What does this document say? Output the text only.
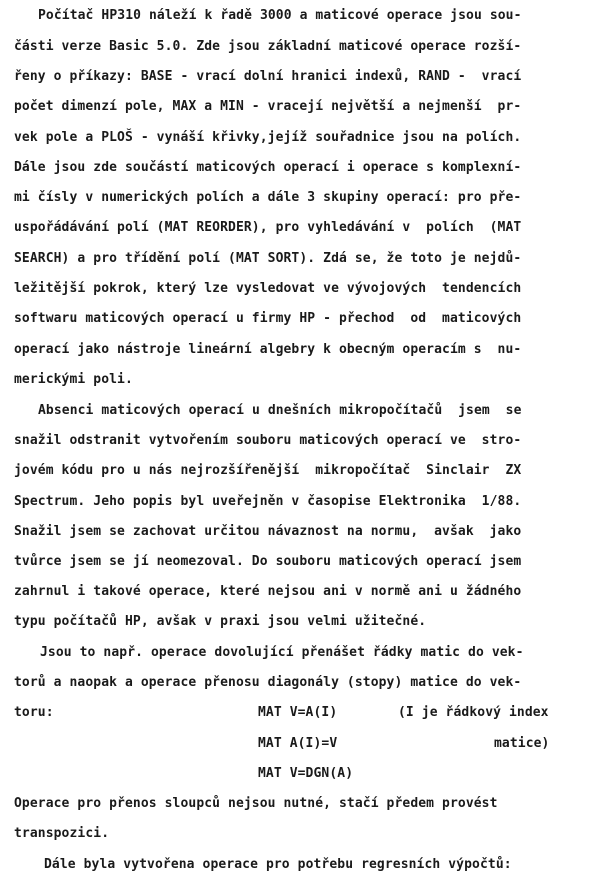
Počítač HP310 náleží k řadě 3000 a maticové operace jsou sou-
části verze Basic 5.0. Zde jsou základní maticové operace rozší-
řeny o příkazy: BASE - vrací dolní hranici indexů, RAND -  vrací
počet dimenzí pole, MAX a MIN - vracejí největší a nejmenší  pr-
vek pole a PLOŠ - vynáší křivky,jejíž souřadnice jsou na polích.
Dále jsou zde součástí maticových operací i operace s komplexní-
mi čísly v numerických polích a dále 3 skupiny operací: pro pře-
uspořádávání polí (MAT REORDER), pro vyhledávání v  polích  (MAT
SEARCH) a pro třídění polí (MAT SORT). Zdá se, že toto je nejdů-
ležitější pokrok, který lze vysledovat ve vývojových  tendencích
softwaru maticových operací u firmy HP - přechod  od  maticových
operací jako nástroje lineární algebry k obecným operacím s  nu-
merickými poli.
Absenci maticových operací u dnešních mikropočítačů  jsem  se
snažil odstranit vytvořením souboru maticových operací ve  stro-
jovém kódu pro u nás nejrozšířenější  mikropočítač  Sinclair  ZX
Spectrum. Jeho popis byl uveřejněn v časopise Elektronika  1/88.
Snažil jsem se zachovat určitou návaznost na normu,  avšak  jako
tvůrce jsem se jí neomezoval. Do souboru maticových operací jsem
zahrnul i takové operace, které nejsou ani v normě ani u žádného
typu počítačů HP, avšak v praxi jsou velmi užitečné.
Jsou to např. operace dovolující přenášet řádky matic do vek-
torů a naopak a operace přenosu diagonály (stopy) matice do vek-
toru:	MAT V=A(I)	(I je řádkový index
MAT A(I)=V	matice)
MAT V=DGN(A)
Operace pro přenos sloupců nejsou nutné, stačí předem provést
transpozici.
Dále byla vytvořena operace pro potřebu regresních výpočtů:
